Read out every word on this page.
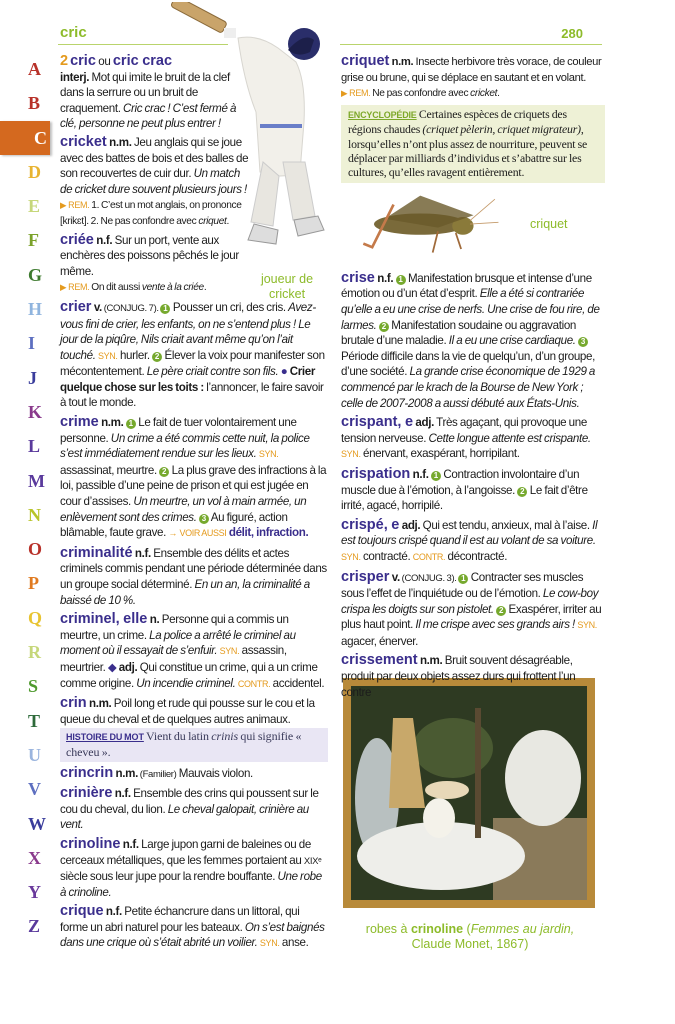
cric	280
A
B
C
D
E
F
G
H
I
J
K
L
M
N
O
P
Q
R
S
T
U
V
W
X
Y
Z
joueur de cricket
criquet
robes à crinoline (Femmes au jardin,
Claude Monet, 1867)
2 cric ou cric crac
interj. Mot qui imite le bruit de la clef dans la serrure ou un bruit de craquement. Cric crac ! C’est fermé à clé, personne ne peut plus entrer !
cricket n.m. Jeu anglais qui se joue avec des battes de bois et des balles de son recouvertes de cuir dur. Un match de cricket dure souvent plusieurs jours !
▶ REM. 1. C’est un mot anglais, on prononce [krikɛt]. 2. Ne pas confondre avec criquet.
criée n.f. Sur un port, vente aux enchères des poissons pêchés le jour même.
▶ REM. On dit aussi vente à la criée.
crier v. (CONJUG. 7). 1 Pousser un cri, des cris. Avez-vous fini de crier, les enfants, on ne s’entend plus ! Le jour de la piqûre, Nils criait avant même qu’on l’ait touché. SYN. hurler. 2 Élever la voix pour manifester son mécontentement. Le père criait contre son fils. ● Crier quelque chose sur les toits : l’annoncer, le faire savoir à tout le monde.
crime n.m. 1 Le fait de tuer volontairement une personne. Un crime a été commis cette nuit, la police s’est immédiatement rendue sur les lieux. SYN. assassinat, meurtre. 2 La plus grave des infractions à la loi, passible d’une peine de prison et qui est jugée en cour d’assises. Un meurtre, un vol à main armée, un enlèvement sont des crimes. 3 Au figuré, action blâmable, faute grave. → VOIR AUSSI délit, infraction.
criminalité n.f. Ensemble des délits et actes criminels commis pendant une période déterminée dans un groupe social déterminé. En un an, la criminalité a baissé de 10 %.
criminel, elle n. Personne qui a commis un meurtre, un crime. La police a arrêté le criminel au moment où il essayait de s’enfuir. SYN. assassin, meurtrier. ◆ adj. Qui constitue un crime, qui a un crime comme origine. Un incendie criminel. CONTR. accidentel.
crin n.m. Poil long et rude qui pousse sur le cou et la queue du cheval et de quelques autres animaux.
HISTOIRE DU MOT Vient du latin crinis qui signifie « cheveu ».
crincrin n.m. (Familier) Mauvais violon.
crinière n.f. Ensemble des crins qui poussent sur le cou du cheval, du lion. Le cheval galopait, crinière au vent.
crinoline n.f. Large jupon garni de baleines ou de cerceaux métalliques, que les femmes portaient au XIXᵉ siècle sous leur jupe pour la rendre bouffante. Une robe à crinoline.
crique n.f. Petite échancrure dans un littoral, qui forme un abri naturel pour les bateaux. On s’est baignés dans une crique où s’était abrité un voilier. SYN. anse.
criquet n.m. Insecte herbivore très vorace, de couleur grise ou brune, qui se déplace en sautant et en volant.
▶ REM. Ne pas confondre avec cricket.
ENCYCLOPÉDIE Certaines espèces de criquets des régions chaudes (criquet pèlerin, criquet migrateur), lorsqu’elles n’ont plus assez de nourriture, peuvent se déplacer par milliards d’individus et s’abattre sur les cultures, qu’elles ravagent entièrement.
crise n.f. 1 Manifestation brusque et intense d’une émotion ou d’un état d’esprit. Elle a été si contrariée qu’elle a eu une crise de nerfs. Une crise de fou rire, de larmes. 2 Manifestation soudaine ou aggravation brutale d’une maladie. Il a eu une crise cardiaque. 3 Période difficile dans la vie de quelqu’un, d’un groupe, d’une société. La grande crise économique de 1929 a commencé par le krach de la Bourse de New York ; celle de 2007-2008 a aussi débuté aux États-Unis.
crispant, e adj. Très agaçant, qui provoque une tension nerveuse. Cette longue attente est crispante. SYN. énervant, exaspérant, horripilant.
crispation n.f. 1 Contraction involontaire d’un muscle due à l’émotion, à l’angoisse. 2 Le fait d’être irrité, agacé, horripilé.
crispé, e adj. Qui est tendu, anxieux, mal à l’aise. Il est toujours crispé quand il est au volant de sa voiture. SYN. contracté. CONTR. décontracté.
crisper v. (CONJUG. 3). 1 Contracter ses muscles sous l’effet de l’inquiétude ou de l’émotion. Le cow-boy crispa les doigts sur son pistolet. 2 Exaspérer, irriter au plus haut point. Il me crispe avec ses grands airs ! SYN. agacer, énerver.
crissement n.m. Bruit souvent désagréable, produit par deux objets assez durs qui frottent l’un contre
